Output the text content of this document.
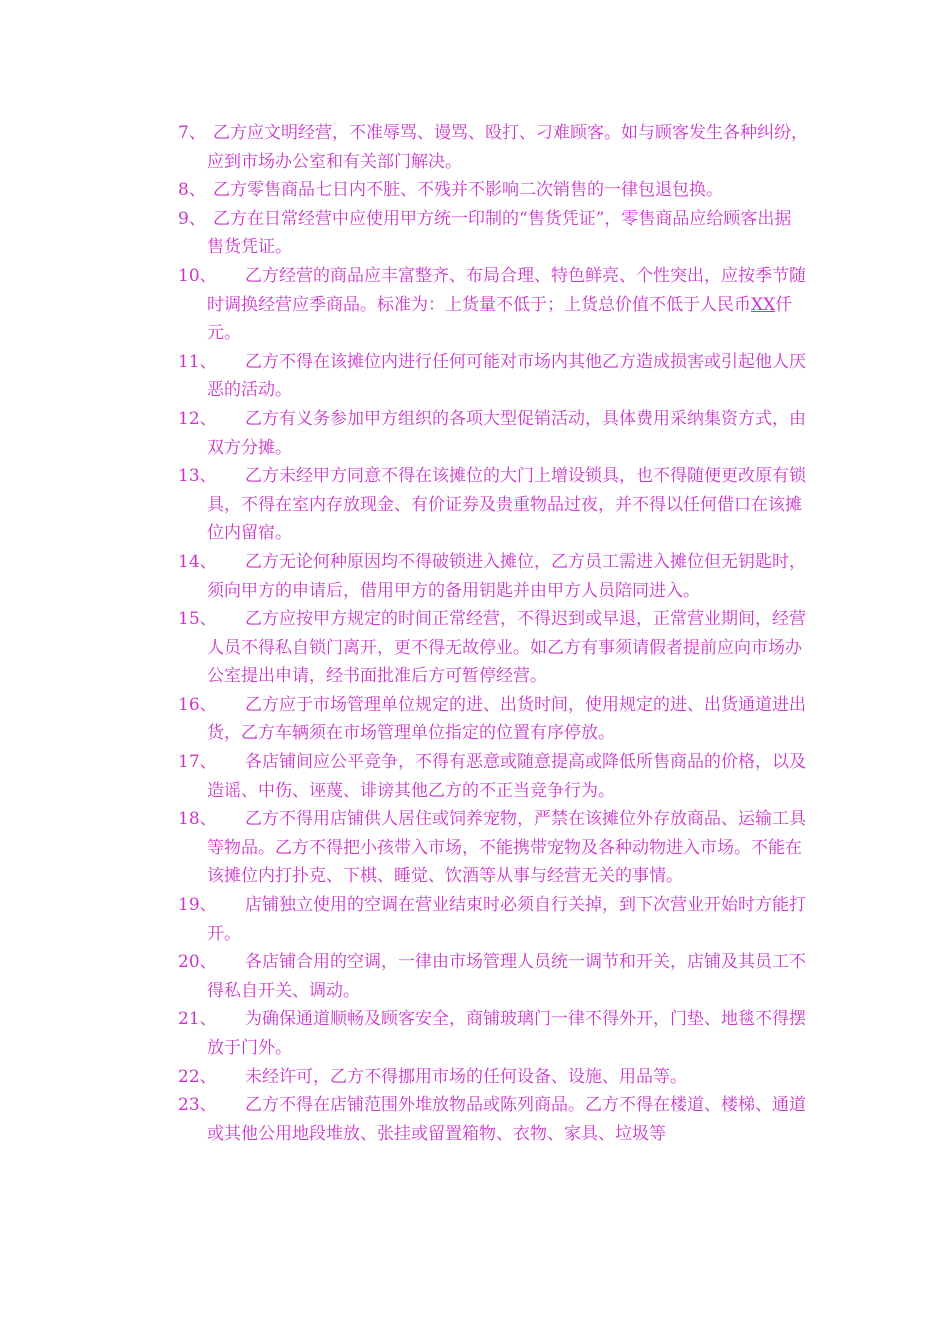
7、 乙方应文明经营，不准辱骂、谩骂、殴打、刁难顾客。如与顾客发生各种纠纷，应到市场办公室和有关部门解决。
8、 乙方零售商品七日内不脏、不残并不影响二次销售的一律包退包换。
9、 乙方在日常经营中应使用甲方统一印制的“售货凭证”，零售商品应给顾客出据售货凭证。
10、 乙方经营的商品应丰富整齐、布局合理、特色鲜亮、个性突出，应按季节随时调换经营应季商品。标准为：上货量不低于；上货总价值不低于人民币XX仟元。
11、 乙方不得在该摊位内进行任何可能对市场内其他乙方造成损害或引起他人厌恶的活动。
12、 乙方有义务参加甲方组织的各项大型促销活动，具体费用采纳集资方式，由双方分摊。
13、 乙方未经甲方同意不得在该摊位的大门上增设锁具，也不得随便更改原有锁具，不得在室内存放现金、有价证券及贵重物品过夜，并不得以任何借口在该摊位内留宿。
14、 乙方无论何种原因均不得破锁进入摊位，乙方员工需进入摊位但无钥匙时，须向甲方的申请后，借用甲方的备用钥匙并由甲方人员陪同进入。
15、 乙方应按甲方规定的时间正常经营，不得迟到或早退，正常营业期间，经营人员不得私自锁门离开，更不得无故停业。如乙方有事须请假者提前应向市场办公室提出申请，经书面批准后方可暂停经营。
16、 乙方应于市场管理单位规定的进、出货时间，使用规定的进、出货通道进出货，乙方车辆须在市场管理单位指定的位置有序停放。
17、 各店铺间应公平竞争，不得有恶意或随意提高或降低所售商品的价格，以及造谣、中伤、诬蔑、诽谤其他乙方的不正当竞争行为。
18、 乙方不得用店铺供人居住或饲养宠物，严禁在该摊位外存放商品、运输工具等物品。乙方不得把小孩带入市场，不能携带宠物及各种动物进入市场。不能在该摊位内打扑克、下棋、睡觉、饮酒等从事与经营无关的事情。
19、 店铺独立使用的空调在营业结束时必须自行关掉，到下次营业开始时方能打开。
20、 各店铺合用的空调，一律由市场管理人员统一调节和开关，店铺及其员工不得私自开关、调动。
21、 为确保通道顺畅及顾客安全，商铺玻璃门一律不得外开，门垫、地毯不得摆放于门外。
22、 未经许可，乙方不得挪用市场的任何设备、设施、用品等。
23、 乙方不得在店铺范围外堆放物品或陈列商品。乙方不得在楼道、楼梯、通道或其他公用地段堆放、张挂或留置箱物、衣物、家具、垃圾等
